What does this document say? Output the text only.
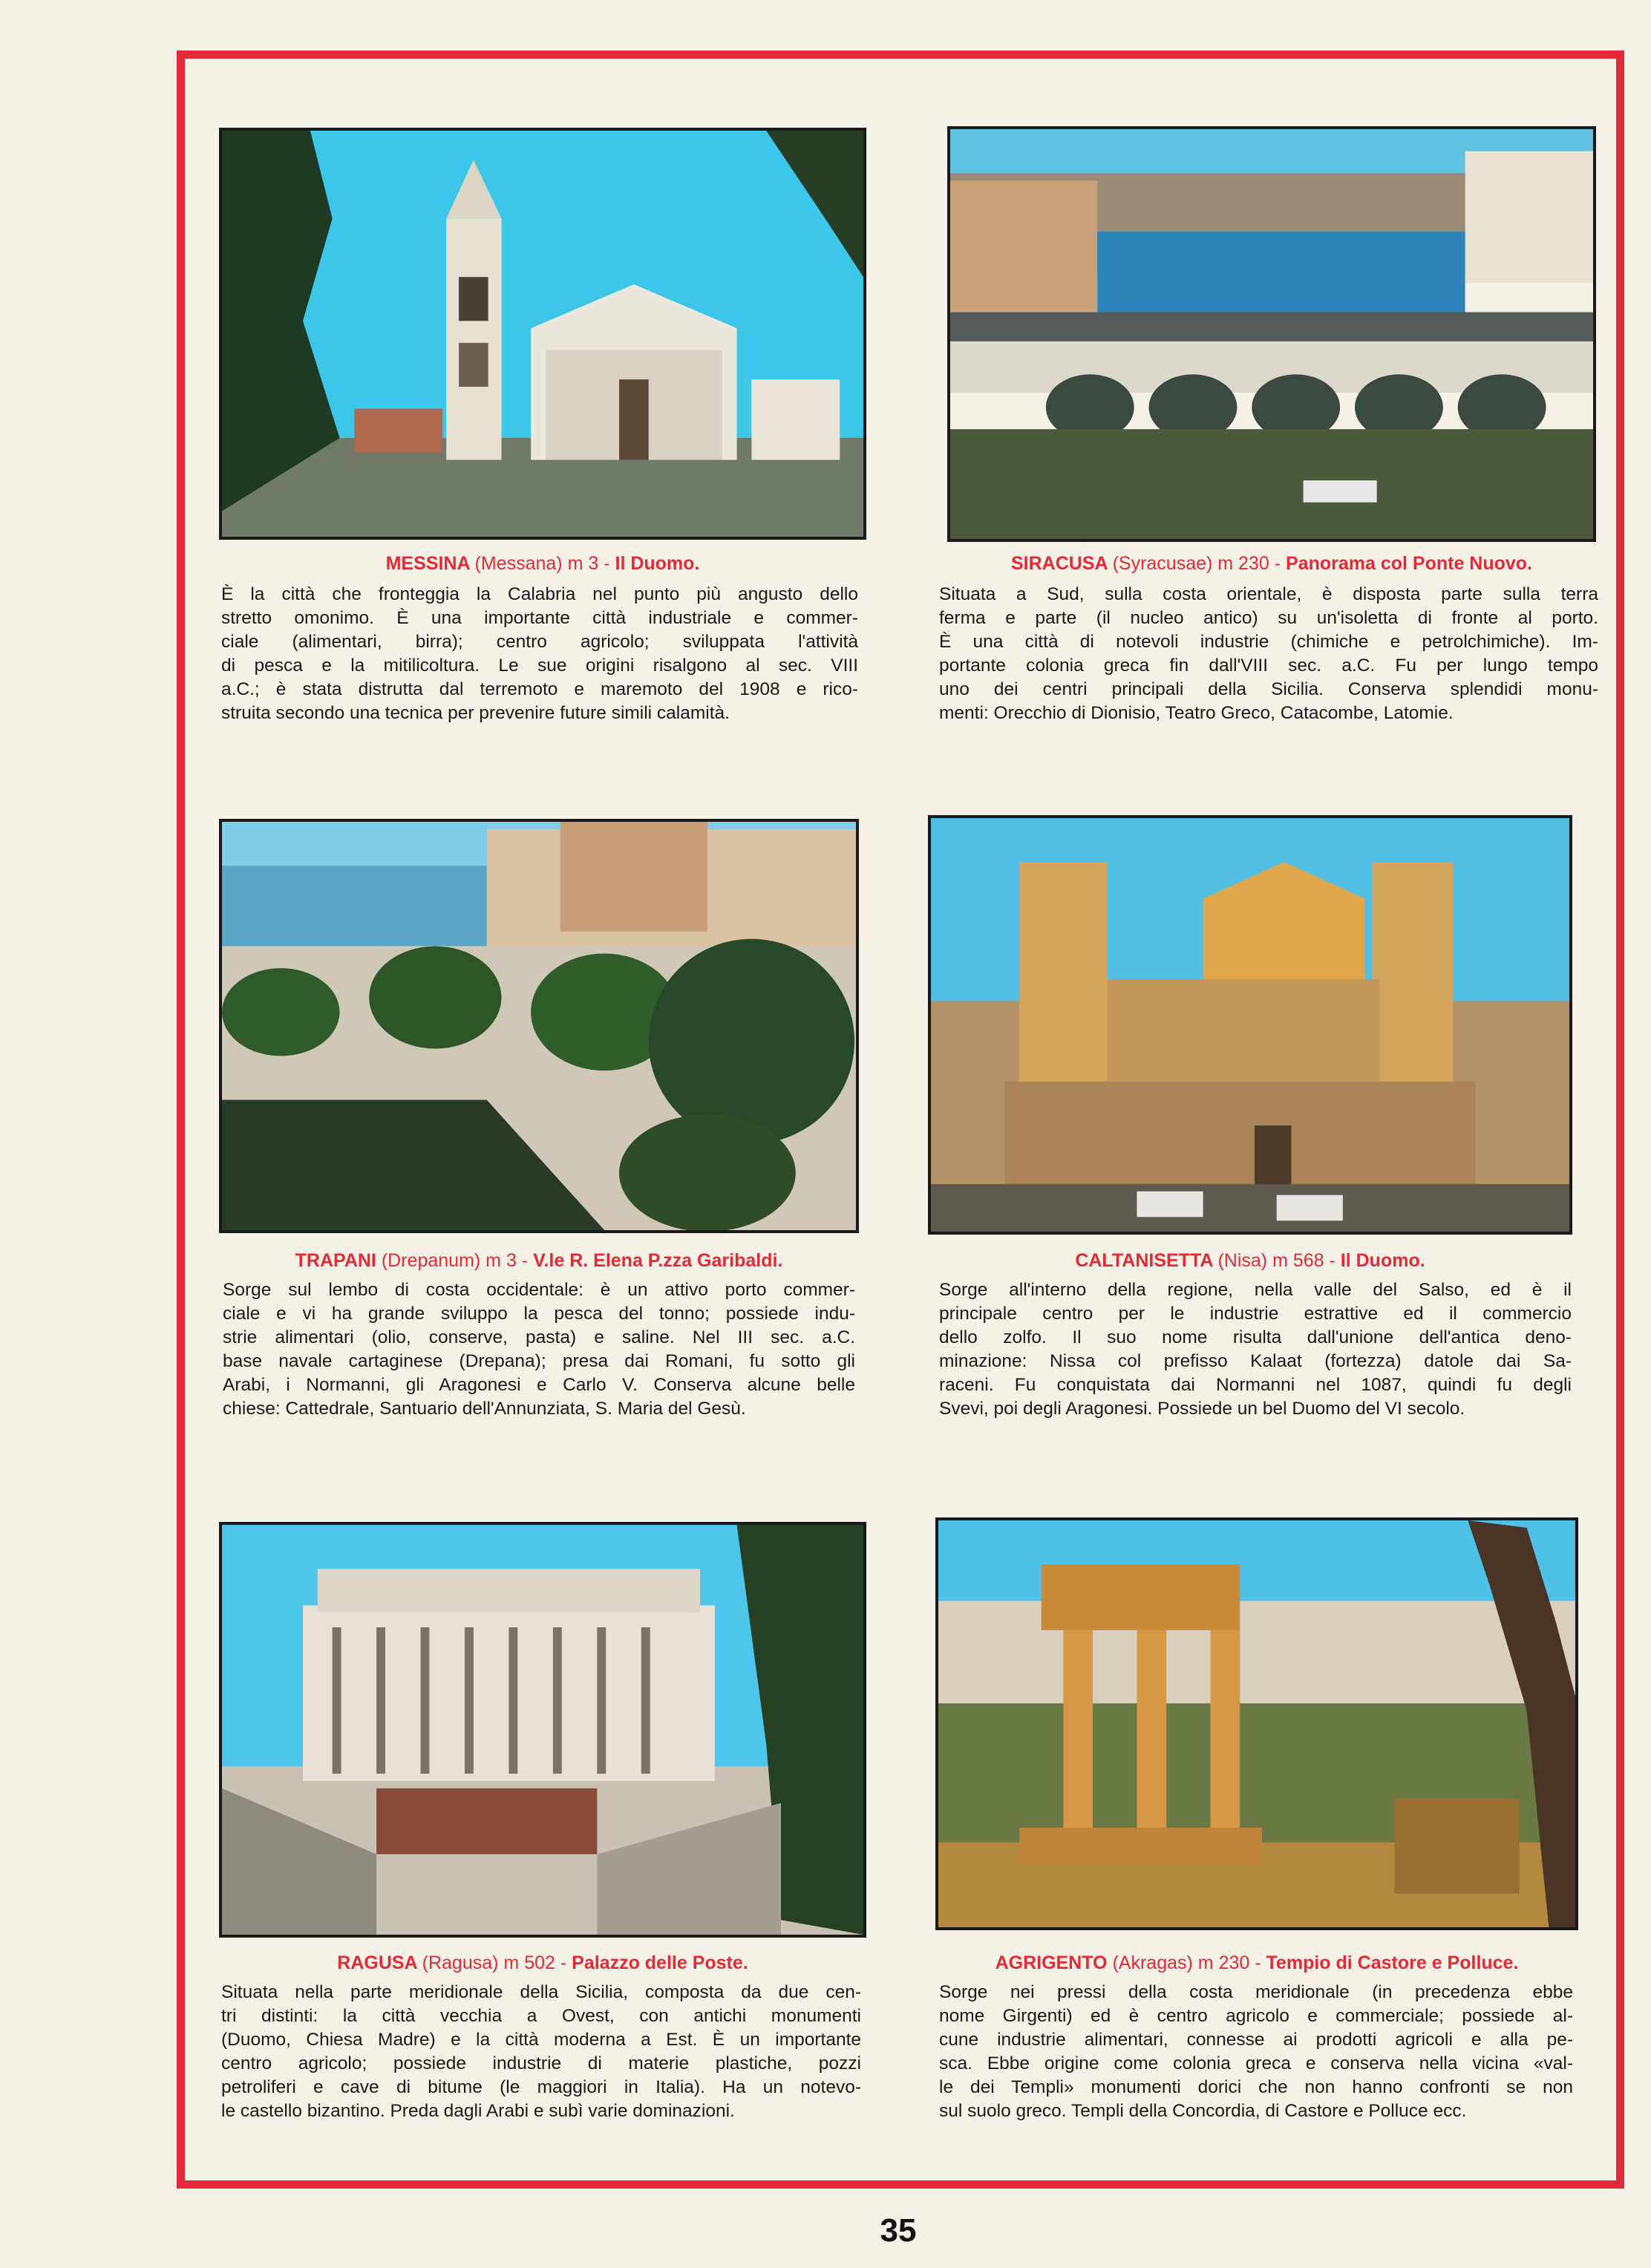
MESSINA (Messana) m 3 - Il Duomo.
È la città che fronteggia la Calabria nel punto più angusto dello
stretto omonimo. È una importante città industriale e commer-
ciale (alimentari, birra); centro agricolo; sviluppata l'attività
di pesca e la mitilicoltura. Le sue origini risalgono al sec. VIII
a.C.; è stata distrutta dal terremoto e maremoto del 1908 e rico-
struita secondo una tecnica per prevenire future simili calamità.
SIRACUSA (Syracusae) m 230 - Panorama col Ponte Nuovo.
Situata a Sud, sulla costa orientale, è disposta parte sulla terra
ferma e parte (il nucleo antico) su un'isoletta di fronte al porto.
È una città di notevoli industrie (chimiche e petrolchimiche). Im-
portante colonia greca fin dall'VIII sec. a.C. Fu per lungo tempo
uno dei centri principali della Sicilia. Conserva splendidi monu-
menti: Orecchio di Dionisio, Teatro Greco, Catacombe, Latomie.
TRAPANI (Drepanum) m 3 - V.le R. Elena P.zza Garibaldi.
Sorge sul lembo di costa occidentale: è un attivo porto commer-
ciale e vi ha grande sviluppo la pesca del tonno; possiede indu-
strie alimentari (olio, conserve, pasta) e saline. Nel III sec. a.C.
base navale cartaginese (Drepana); presa dai Romani, fu sotto gli
Arabi, i Normanni, gli Aragonesi e Carlo V. Conserva alcune belle
chiese: Cattedrale, Santuario dell'Annunziata, S. Maria del Gesù.
CALTANISETTA (Nisa) m 568 - Il Duomo.
Sorge all'interno della regione, nella valle del Salso, ed è il
principale centro per le industrie estrattive ed il commercio
dello zolfo. Il suo nome risulta dall'unione dell'antica deno-
minazione: Nissa col prefisso Kalaat (fortezza) datole dai Sa-
raceni. Fu conquistata dai Normanni nel 1087, quindi fu degli
Svevi, poi degli Aragonesi. Possiede un bel Duomo del VI secolo.
RAGUSA (Ragusa) m 502 - Palazzo delle Poste.
Situata nella parte meridionale della Sicilia, composta da due cen-
tri distinti: la città vecchia a Ovest, con antichi monumenti
(Duomo, Chiesa Madre) e la città moderna a Est. È un importante
centro agricolo; possiede industrie di materie plastiche, pozzi
petroliferi e cave di bitume (le maggiori in Italia). Ha un notevo-
le castello bizantino. Preda dagli Arabi e subì varie dominazioni.
AGRIGENTO (Akragas) m 230 - Tempio di Castore e Polluce.
Sorge nei pressi della costa meridionale (in precedenza ebbe
nome Girgenti) ed è centro agricolo e commerciale; possiede al-
cune industrie alimentari, connesse ai prodotti agricoli e alla pe-
sca. Ebbe origine come colonia greca e conserva nella vicina «val-
le dei Templi» monumenti dorici che non hanno confronti se non
sul suolo greco. Templi della Concordia, di Castore e Polluce ecc.
35
